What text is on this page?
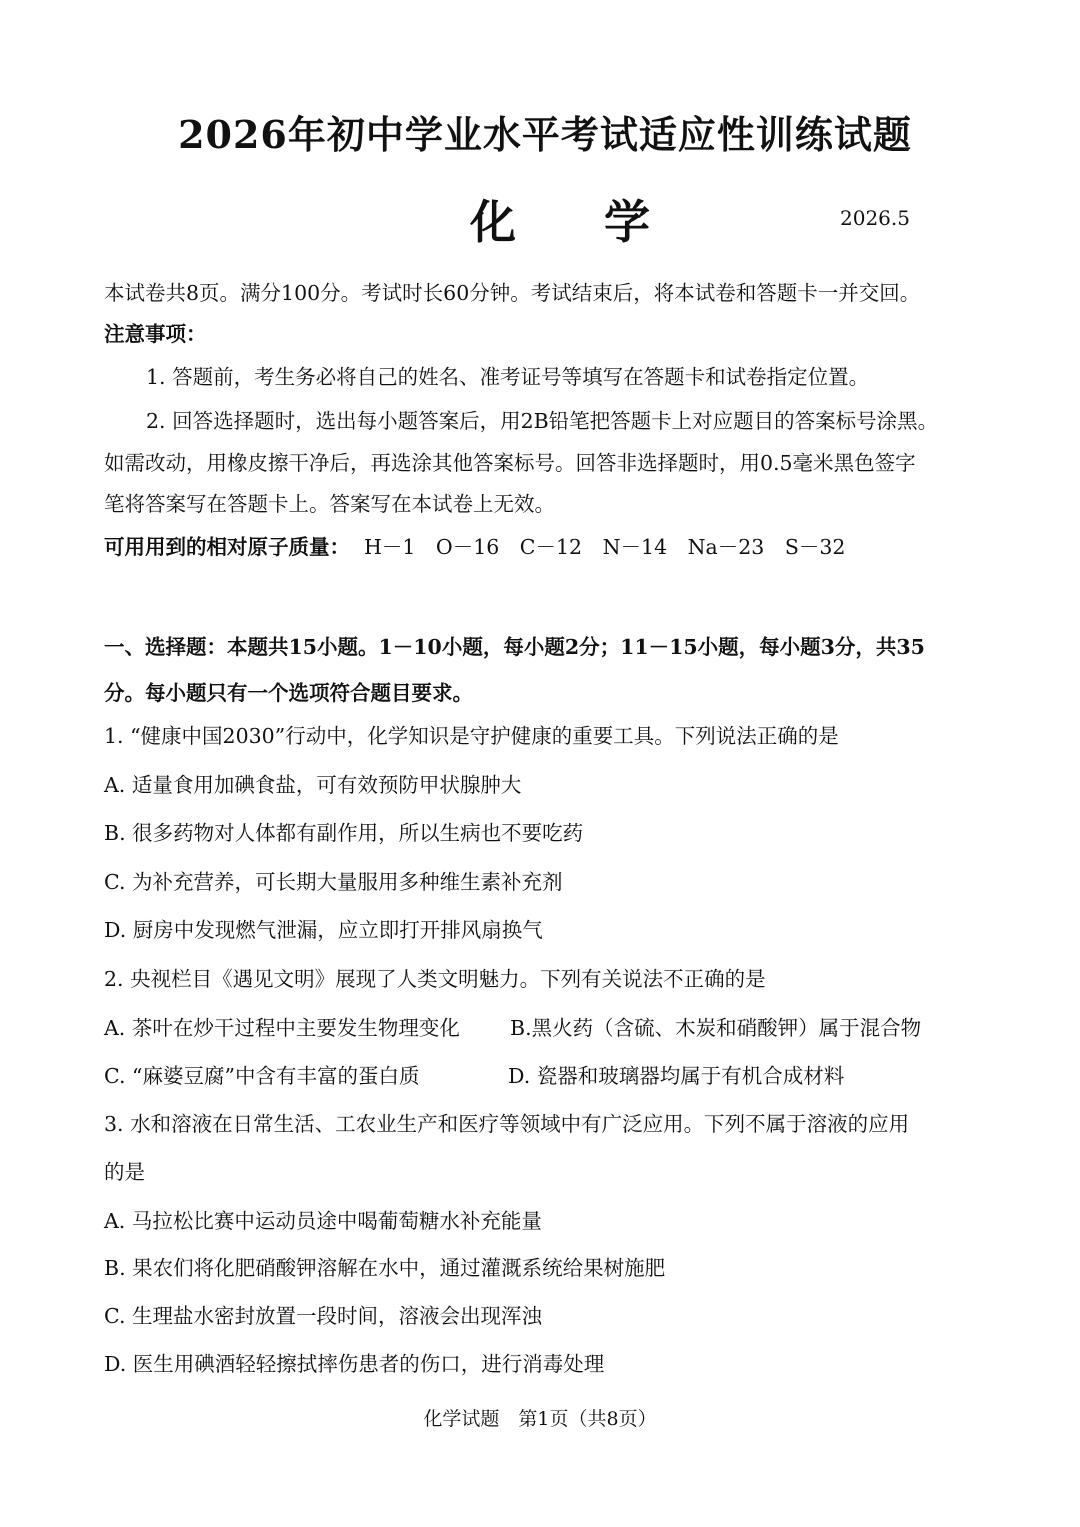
2026年初中学业水平考试适应性训练试题
化 学	2026.5
本试卷共8页。满分100分。考试时长60分钟。考试结束后，将本试卷和答题卡一并交回。
注意事项：
1. 答题前，考生务必将自己的姓名、准考证号等填写在答题卡和试卷指定位置。
2. 回答选择题时，选出每小题答案后，用2B铅笔把答题卡上对应题目的答案标号涂黑。
如需改动，用橡皮擦干净后，再选涂其他答案标号。回答非选择题时，用0.5毫米黑色签字
笔将答案写在答题卡上。答案写在本试卷上无效。
可用用到的相对原子质量： H－1　O－16　C－12　N－14　Na－23　S－32
一、选择题：本题共15小题。1－10小题，每小题2分；11－15小题，每小题3分，共35
分。每小题只有一个选项符合题目要求。
1. “健康中国2030”行动中，化学知识是守护健康的重要工具。下列说法正确的是
A. 适量食用加碘食盐，可有效预防甲状腺肿大
B. 很多药物对人体都有副作用，所以生病也不要吃药
C. 为补充营养，可长期大量服用多种维生素补充剂
D. 厨房中发现燃气泄漏，应立即打开排风扇换气
2. 央视栏目《遇见文明》展现了人类文明魅力。下列有关说法不正确的是
A. 茶叶在炒干过程中主要发生物理变化 B.黑火药（含硫、木炭和硝酸钾）属于混合物
C. “麻婆豆腐”中含有丰富的蛋白质	D. 瓷器和玻璃器均属于有机合成材料
3. 水和溶液在日常生活、工农业生产和医疗等领域中有广泛应用。下列不属于溶液的应用
的是
A. 马拉松比赛中运动员途中喝葡萄糖水补充能量
B. 果农们将化肥硝酸钾溶解在水中，通过灌溉系统给果树施肥
C. 生理盐水密封放置一段时间，溶液会出现浑浊
D. 医生用碘酒轻轻擦拭摔伤患者的伤口，进行消毒处理
化学试题　第1页（共8页）
